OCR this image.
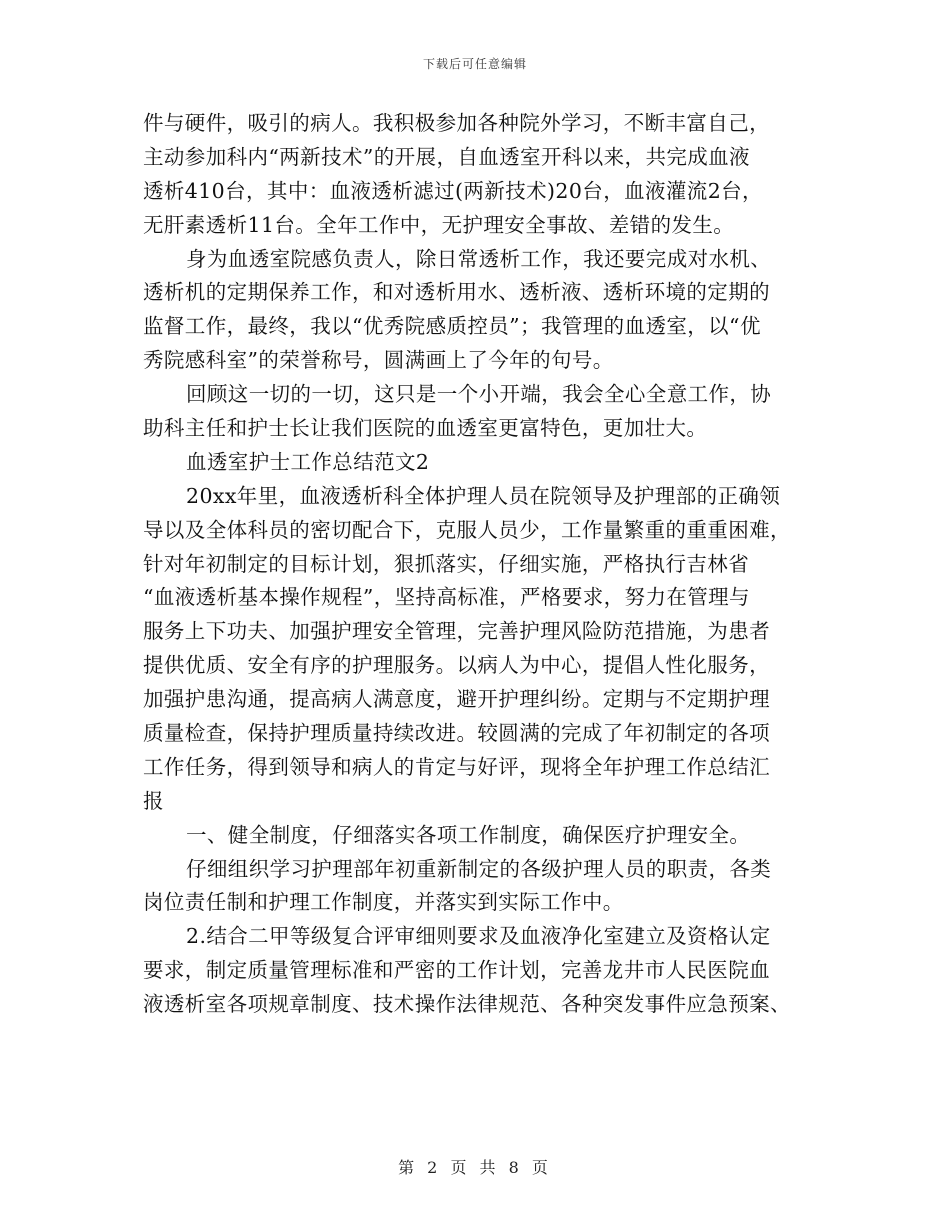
下载后可任意编辑
件与硬件，吸引的病人。我积极参加各种院外学习，不断丰富自己，
主动参加科内“两新技术”的开展，自血透室开科以来，共完成血液
透析410台，其中：血液透析滤过(两新技术)20台，血液灌流2台，
无肝素透析11台。全年工作中，无护理安全事故、差错的发生。
身为血透室院感负责人，除日常透析工作，我还要完成对水机、
透析机的定期保养工作，和对透析用水、透析液、透析环境的定期的
监督工作，最终，我以“优秀院感质控员”；我管理的血透室，以“优
秀院感科室”的荣誉称号，圆满画上了今年的句号。
回顾这一切的一切，这只是一个小开端，我会全心全意工作，协
助科主任和护士长让我们医院的血透室更富特色，更加壮大。
血透室护士工作总结范文2
20xx年里，血液透析科全体护理人员在院领导及护理部的正确领
导以及全体科员的密切配合下，克服人员少，工作量繁重的重重困难，
针对年初制定的目标计划，狠抓落实，仔细实施，严格执行吉林省
“血液透析基本操作规程”，坚持高标准，严格要求，努力在管理与
服务上下功夫、加强护理安全管理，完善护理风险防范措施，为患者
提供优质、安全有序的护理服务。以病人为中心，提倡人性化服务，
加强护患沟通，提高病人满意度，避开护理纠纷。定期与不定期护理
质量检查，保持护理质量持续改进。较圆满的完成了年初制定的各项
工作任务，得到领导和病人的肯定与好评，现将全年护理工作总结汇
报
一、健全制度，仔细落实各项工作制度，确保医疗护理安全。
仔细组织学习护理部年初重新制定的各级护理人员的职责，各类
岗位责任制和护理工作制度，并落实到实际工作中。
2.结合二甲等级复合评审细则要求及血液净化室建立及资格认定
要求，制定质量管理标准和严密的工作计划，完善龙井市人民医院血
液透析室各项规章制度、技术操作法律规范、各种突发事件应急预案、
第 2 页 共 8 页
